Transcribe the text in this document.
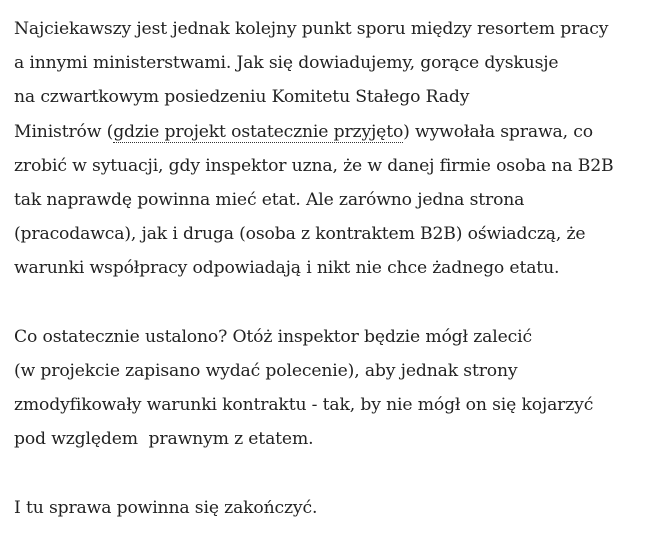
Najciekawszy jest jednak kolejny punkt sporu między resortem pracy
a innymi ministerstwami. Jak się dowiadujemy, gorące dyskusje
na czwartkowym posiedzeniu Komitetu Stałego Rady
Ministrów (gdzie projekt ostatecznie przyjęto) wywołała sprawa, co
zrobić w sytuacji, gdy inspektor uzna, że w danej firmie osoba na B2B
tak naprawdę powinna mieć etat. Ale zarówno jedna strona
(pracodawca), jak i druga (osoba z kontraktem B2B) oświadczą, że
warunki współpracy odpowiadają i nikt nie chce żadnego etatu.

Co ostatecznie ustalono? Otóż inspektor będzie mógł zalecić
(w projekcie zapisano wydać polecenie), aby jednak strony
zmodyfikowały warunki kontraktu - tak, by nie mógł on się kojarzyć
pod względem  prawnym z etatem.

I tu sprawa powinna się zakończyć.
